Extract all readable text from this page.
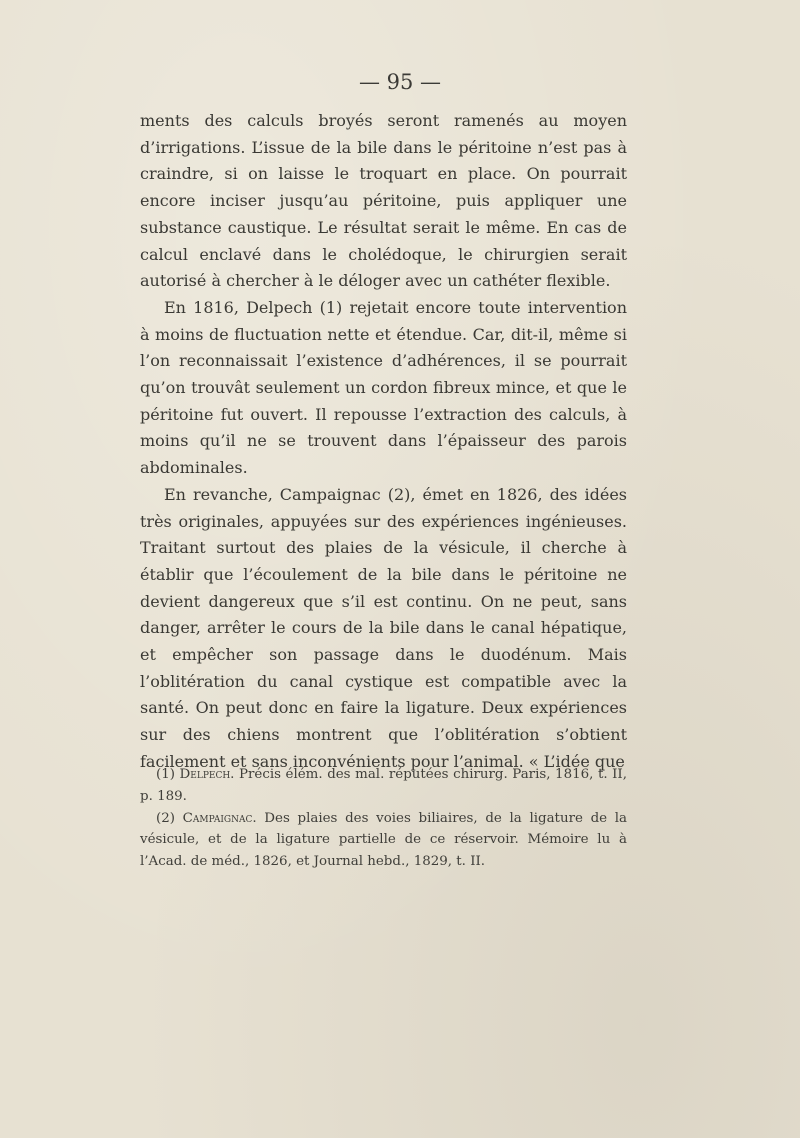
— 95 —

ments des calculs broyés seront ramenés au moyen d’irrigations. L’issue de la bile dans le péritoine n’est pas à craindre, si on laisse le troquart en place. On pourrait encore inciser jusqu’au péritoine, puis appliquer une substance caustique. Le résultat serait le même. En cas de calcul enclavé dans le cholédoque, le chirurgien serait autorisé à chercher à le déloger avec un cathéter flexible.

En 1816, Delpech (1) rejetait encore toute intervention à moins de fluctuation nette et étendue. Car, dit-il, même si l’on reconnaissait l’existence d’adhérences, il se pourrait qu’on trouvât seulement un cordon fibreux mince, et que le péritoine fut ouvert. Il repousse l’extraction des calculs, à moins qu’il ne se trouvent dans l’épaisseur des parois abdominales.

En revanche, Campaignac (2), émet en 1826, des idées très originales, appuyées sur des expériences ingénieuses. Traitant surtout des plaies de la vésicule, il cherche à établir que l’écoulement de la bile dans le péritoine ne devient dangereux que s’il est continu. On ne peut, sans danger, arrêter le cours de la bile dans le canal hépatique, et empêcher son passage dans le duodénum. Mais l’oblitération du canal cystique est compatible avec la santé. On peut donc en faire la ligature. Deux expériences sur des chiens montrent que l’oblitération s’obtient facilement et sans inconvénients pour l’animal. « L’idée que

(1) Delpech. Précis élém. des mal. réputées chirurg. Paris, 1816, t. II, p. 189.

(2) Campaignac. Des plaies des voies biliaires, de la ligature de la vésicule, et de la ligature partielle de ce réservoir. Mémoire lu à l’Acad. de méd., 1826, et Journal hebd., 1829, t. II.
